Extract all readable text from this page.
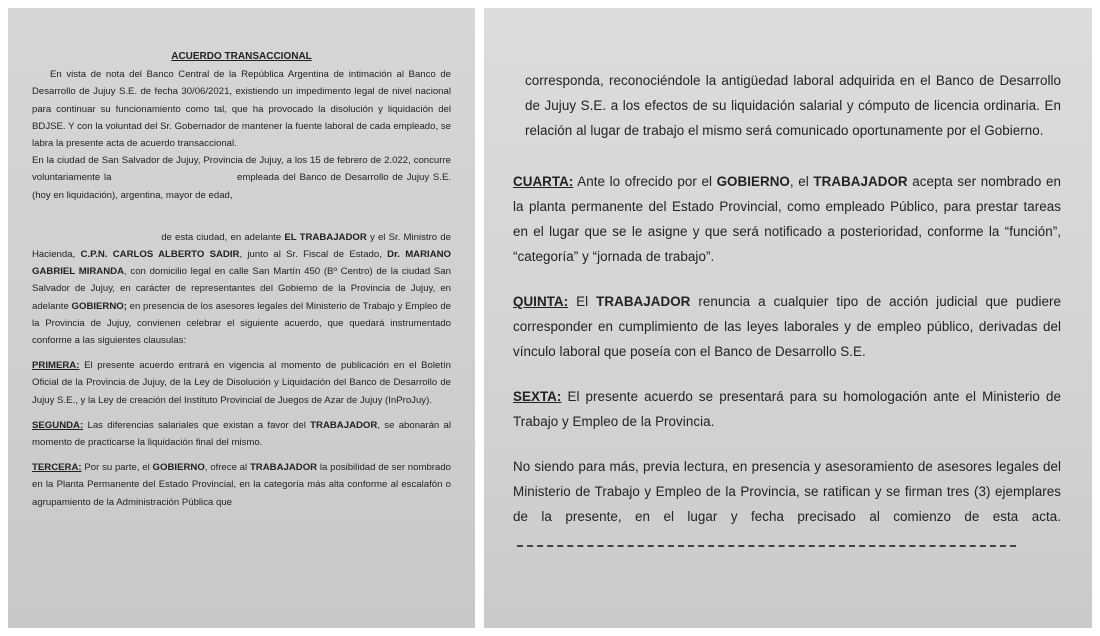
ACUERDO TRANSACCIONAL

En vista de nota del Banco Central de la República Argentina de intimación al Banco de Desarrollo de Jujuy S.E. de fecha 30/06/2021, existiendo un impedimento legal de nivel nacional para continuar su funcionamiento como tal, que ha provocado la disolución y liquidación del BDJSE. Y con la voluntad del Sr. Gobernador de mantener la fuente laboral de cada empleado, se labra la presente acta de acuerdo transaccional.

En la ciudad de San Salvador de Jujuy, Provincia de Jujuy, a los 15 de febrero de 2.022, concurre voluntariamente la	empleada del Banco de Desarrollo de Jujuy S.E. (hoy en liquidación), argentina, mayor de edad,

de esta ciudad, en adelante EL TRABAJADOR y el Sr. Ministro de Hacienda, C.P.N. CARLOS ALBERTO SADIR, junto al Sr. Fiscal de Estado, Dr. MARIANO GABRIEL MIRANDA, con domicilio legal en calle San Martín 450 (Bº Centro) de la ciudad San Salvador de Jujuy, en carácter de representantes del Gobierno de la Provincia de Jujuy, en adelante GOBIERNO; en presencia de los asesores legales del Ministerio de Trabajo y Empleo de la Provincia de Jujuy, convienen celebrar el siguiente acuerdo, que quedará instrumentado conforme a las siguientes clausulas:

PRIMERA: El presente acuerdo entrará en vigencia al momento de publicación en el Boletín Oficial de la Provincia de Jujuy, de la Ley de Disolución y Liquidación del Banco de Desarrollo de Jujuy S.E., y la Ley de creación del Instituto Provincial de Juegos de Azar de Jujuy (InProJuy).

SEGUNDA: Las diferencias salariales que existan a favor del TRABAJADOR, se abonarán al momento de practicarse la liquidación final del mismo.

TERCERA: Por su parte, el GOBIERNO, ofrece al TRABAJADOR la posibilidad de ser nombrado en la Planta Permanente del Estado Provincial, en la categoría más alta conforme al escalafón o agrupamiento de la Administración Pública que

corresponda, reconociéndole la antigüedad laboral adquirida en el Banco de Desarrollo de Jujuy S.E. a los efectos de su liquidación salarial y cómputo de licencia ordinaria. En relación al lugar de trabajo el mismo será comunicado oportunamente por el Gobierno.

CUARTA: Ante lo ofrecido por el GOBIERNO, el TRABAJADOR acepta ser nombrado en la planta permanente del Estado Provincial, como empleado Público, para prestar tareas en el lugar que se le asigne y que será notificado a posterioridad, conforme la “función”, “categoría” y “jornada de trabajo”.

QUINTA: El TRABAJADOR renuncia a cualquier tipo de acción judicial que pudiere corresponder en cumplimiento de las leyes laborales y de empleo público, derivadas del vínculo laboral que poseía con el Banco de Desarrollo S.E.

SEXTA: El presente acuerdo se presentará para su homologación ante el Ministerio de Trabajo y Empleo de la Provincia.

No siendo para más, previa lectura, en presencia y asesoramiento de asesores legales del Ministerio de Trabajo y Empleo de la Provincia, se ratifican y se firman tres (3) ejemplares de la presente, en el lugar y fecha precisado al comienzo de esta acta.
